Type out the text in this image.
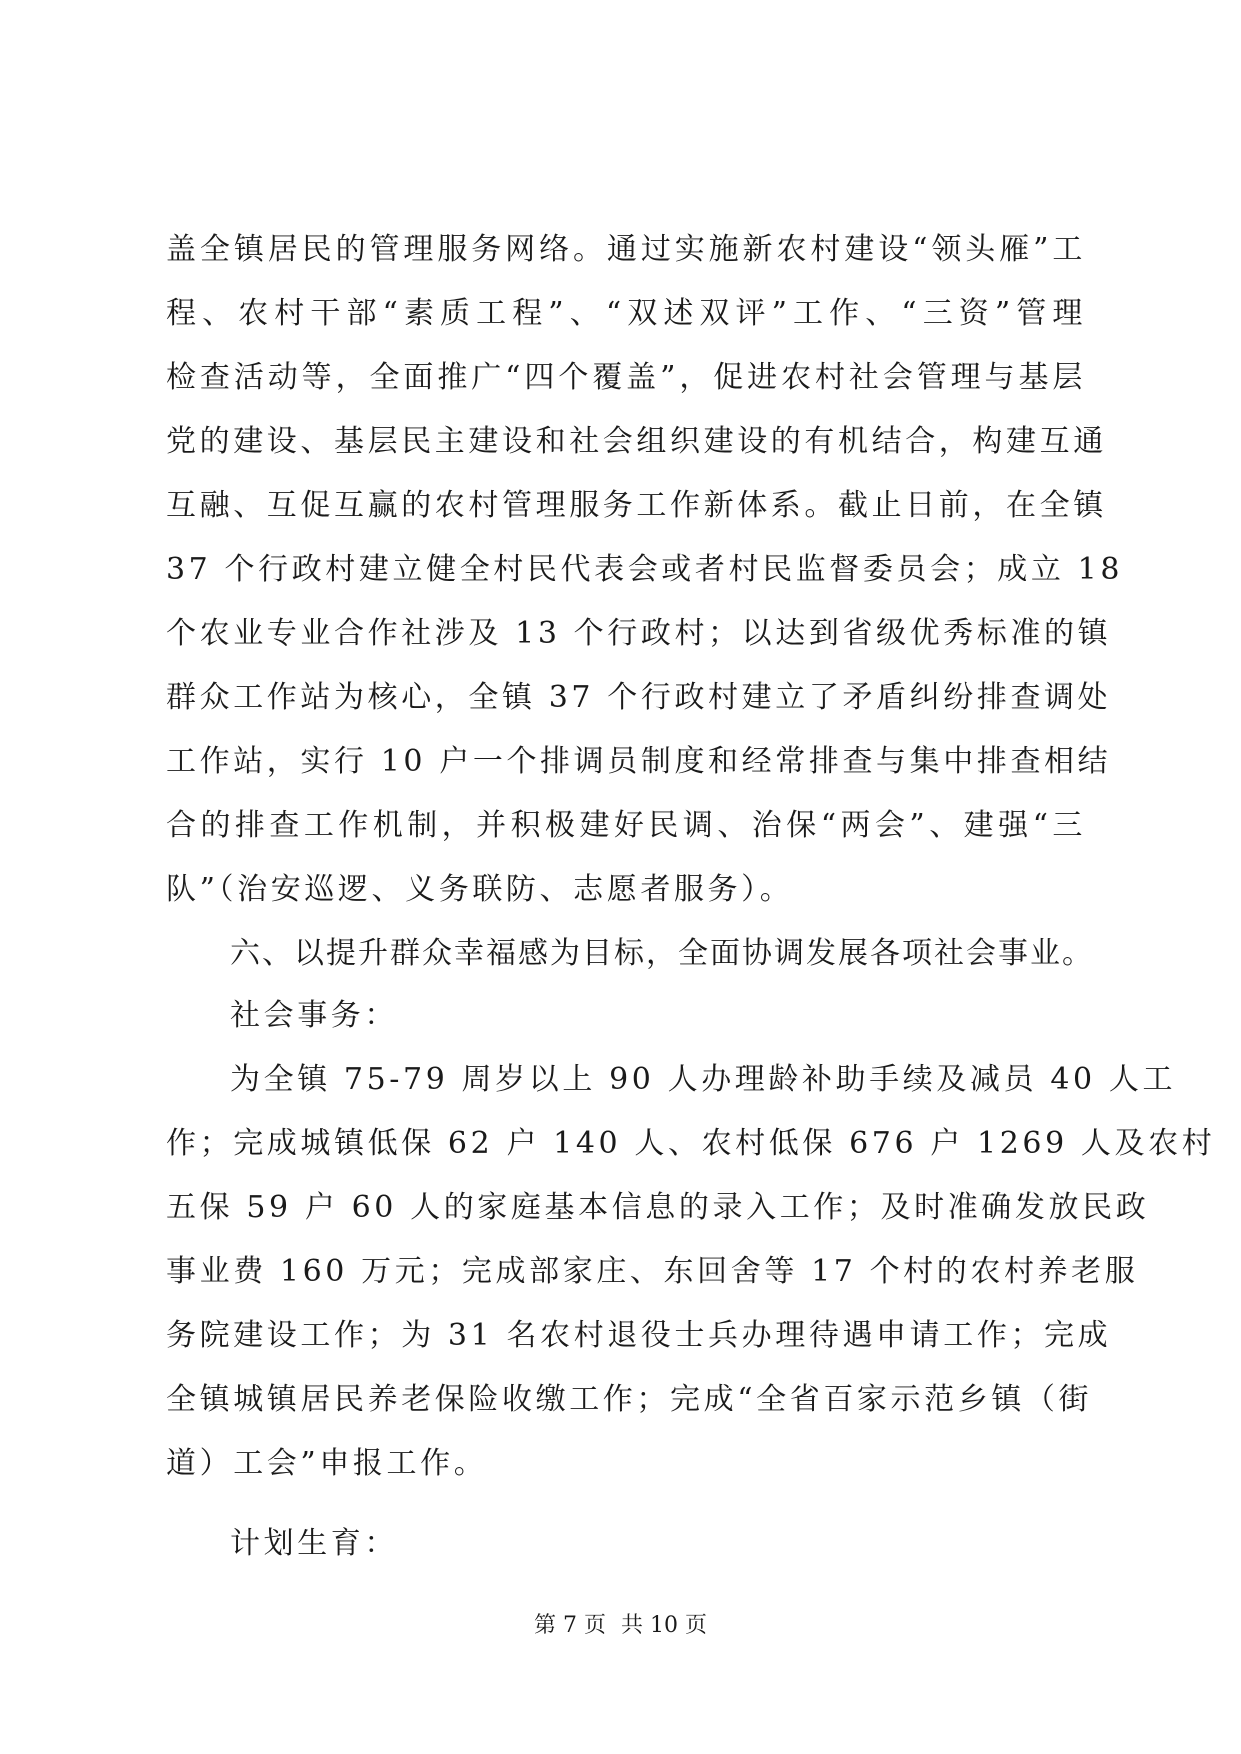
盖全镇居民的管理服务网络。通过实施新农村建设“领头雁”工
程、农村干部“素质工程”、“双述双评”工作、“三资”管理
检查活动等，全面推广“四个覆盖”，促进农村社会管理与基层
党的建设、基层民主建设和社会组织建设的有机结合，构建互通
互融、互促互赢的农村管理服务工作新体系。截止日前，在全镇
37 个行政村建立健全村民代表会或者村民监督委员会；成立 18
个农业专业合作社涉及 13 个行政村；以达到省级优秀标准的镇
群众工作站为核心，全镇 37 个行政村建立了矛盾纠纷排查调处
工作站，实行 10 户一个排调员制度和经常排查与集中排查相结
合的排查工作机制，并积极建好民调、治保“两会”、建强“三
队”（治安巡逻、义务联防、志愿者服务）。
六、以提升群众幸福感为目标，全面协调发展各项社会事业。
社会事务：
为全镇 75-79 周岁以上 90 人办理龄补助手续及减员 40 人工
作；完成城镇低保 62 户 140 人、农村低保 676 户 1269 人及农村
五保 59 户 60 人的家庭基本信息的录入工作；及时准确发放民政
事业费 160 万元；完成部家庄、东回舍等 17 个村的农村养老服
务院建设工作；为 31 名农村退役士兵办理待遇申请工作；完成
全镇城镇居民养老保险收缴工作；完成“全省百家示范乡镇（街
道）工会”申报工作。
计划生育：
第 7 页 共 10 页
